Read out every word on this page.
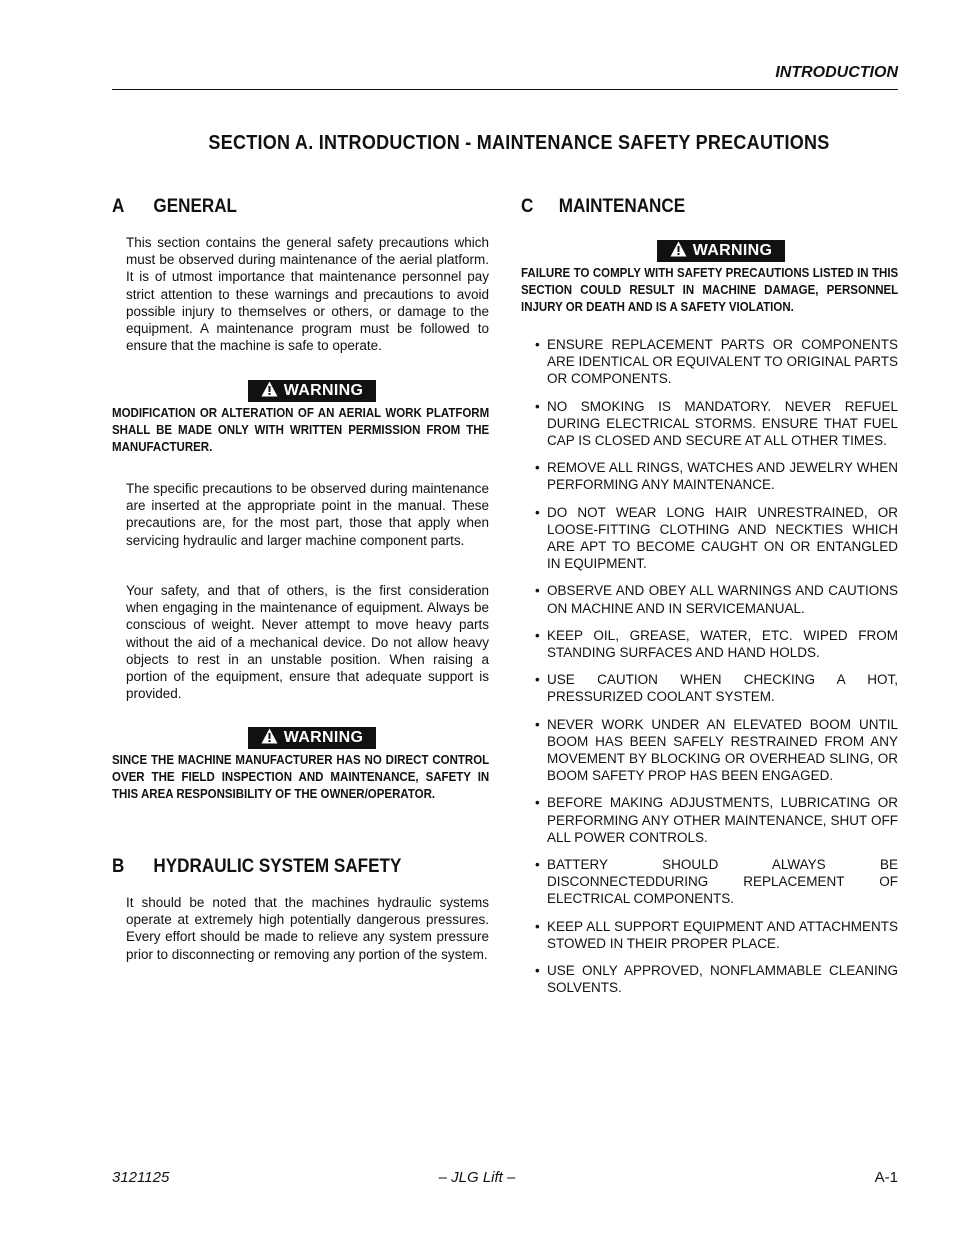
INTRODUCTION
SECTION A. INTRODUCTION - MAINTENANCE SAFETY PRECAUTIONS
A GENERAL

This section contains the general safety precautions which must be observed during maintenance of the aerial platform. It is of utmost importance that maintenance personnel pay strict attention to these warnings and precautions to avoid possible injury to themselves or others, or damage to the equipment. A maintenance program must be followed to ensure that the machine is safe to operate.

WARNING

MODIFICATION OR ALTERATION OF AN AERIAL WORK PLATFORM SHALL BE MADE ONLY WITH WRITTEN PERMISSION FROM THE MANUFACTURER.

The specific precautions to be observed during maintenance are inserted at the appropriate point in the manual. These precautions are, for the most part, those that apply when servicing hydraulic and larger machine component parts.

Your safety, and that of others, is the first consideration when engaging in the maintenance of equipment. Always be conscious of weight. Never attempt to move heavy parts without the aid of a mechanical device. Do not allow heavy objects to rest in an unstable position. When raising a portion of the equipment, ensure that adequate support is provided.

WARNING

SINCE THE MACHINE MANUFACTURER HAS NO DIRECT CONTROL OVER THE FIELD INSPECTION AND MAINTENANCE, SAFETY IN THIS AREA RESPONSIBILITY OF THE OWNER/OPERATOR.

B HYDRAULIC SYSTEM SAFETY

It should be noted that the machines hydraulic systems operate at extremely high potentially dangerous pressures. Every effort should be made to relieve any system pressure prior to disconnecting or removing any portion of the system.

C MAINTENANCE
WARNING

FAILURE TO COMPLY WITH SAFETY PRECAUTIONS LISTED IN THIS SECTION COULD RESULT IN MACHINE DAMAGE, PERSONNEL INJURY OR DEATH AND IS A SAFETY VIOLATION.

• ENSURE REPLACEMENT PARTS OR COMPONENTS ARE IDENTICAL OR EQUIVALENT TO ORIGINAL PARTS OR COMPONENTS.
• NO SMOKING IS MANDATORY. NEVER REFUEL DURING ELECTRICAL STORMS. ENSURE THAT FUEL CAP IS CLOSED AND SECURE AT ALL OTHER TIMES.
• REMOVE ALL RINGS, WATCHES AND JEWELRY WHEN PERFORMING ANY MAINTENANCE.
• DO NOT WEAR LONG HAIR UNRESTRAINED, OR LOOSE-FITTING CLOTHING AND NECKTIES WHICH ARE APT TO BECOME CAUGHT ON OR ENTANGLED IN EQUIPMENT.
• OBSERVE AND OBEY ALL WARNINGS AND CAUTIONS ON MACHINE AND IN SERVICEMANUAL.
• KEEP OIL, GREASE, WATER, ETC. WIPED FROM STANDING SURFACES AND HAND HOLDS.
• USE CAUTION WHEN CHECKING A HOT, PRESSURIZED COOLANT SYSTEM.
• NEVER WORK UNDER AN ELEVATED BOOM UNTIL BOOM HAS BEEN SAFELY RESTRAINED FROM ANY MOVEMENT BY BLOCKING OR OVERHEAD SLING, OR BOOM SAFETY PROP HAS BEEN ENGAGED.
• BEFORE MAKING ADJUSTMENTS, LUBRICATING OR PERFORMING ANY OTHER MAINTENANCE, SHUT OFF ALL POWER CONTROLS.
• BATTERY SHOULD ALWAYS BE DISCONNECTEDDURING REPLACEMENT OF ELECTRICAL COMPONENTS.
• KEEP ALL SUPPORT EQUIPMENT AND ATTACHMENTS STOWED IN THEIR PROPER PLACE.
• USE ONLY APPROVED, NONFLAMMABLE CLEANING SOLVENTS.
3121125	– JLG Lift –	A-1
